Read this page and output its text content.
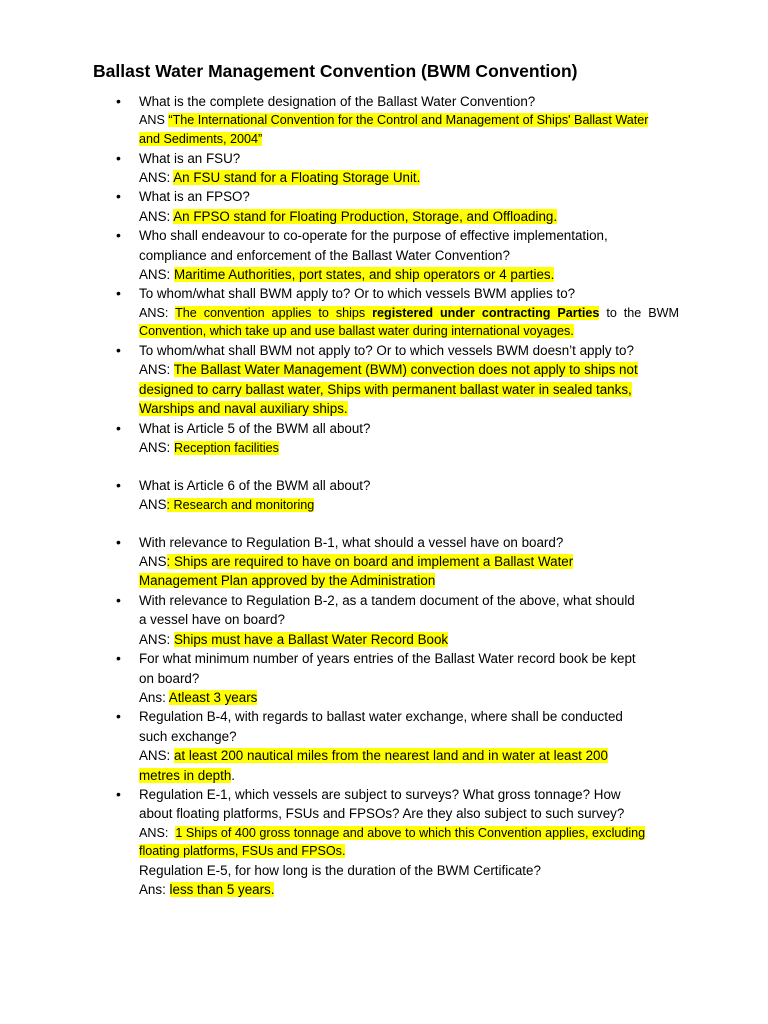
Ballast Water Management Convention (BWM Convention)
• What is the complete designation of the Ballast Water Convention?
ANS “The International Convention for the Control and Management of Ships' Ballast Water
and Sediments, 2004”
• What is an FSU?
ANS: An FSU stand for a Floating Storage Unit.
• What is an FPSO?
ANS: An FPSO stand for Floating Production, Storage, and Offloading.
• Who shall endeavour to co-operate for the purpose of effective implementation,
compliance and enforcement of the Ballast Water Convention?
ANS: Maritime Authorities, port states, and ship operators or 4 parties.
• To whom/what shall BWM apply to? Or to which vessels BWM applies to?
ANS: The convention applies to ships registered under contracting Parties to the BWM
Convention, which take up and use ballast water during international voyages.
• To whom/what shall BWM not apply to? Or to which vessels BWM doesn’t apply to?
ANS: The Ballast Water Management (BWM) convection does not apply to ships not
designed to carry ballast water, Ships with permanent ballast water in sealed tanks,
Warships and naval auxiliary ships.
• What is Article 5 of the BWM all about?
ANS: Reception facilities
• What is Article 6 of the BWM all about?
ANS: Research and monitoring
• With relevance to Regulation B-1, what should a vessel have on board?
ANS: Ships are required to have on board and implement a Ballast Water
Management Plan approved by the Administration
• With relevance to Regulation B-2, as a tandem document of the above, what should
a vessel have on board?
ANS: Ships must have a Ballast Water Record Book
• For what minimum number of years entries of the Ballast Water record book be kept
on board?
Ans: Atleast 3 years
• Regulation B-4, with regards to ballast water exchange, where shall be conducted
such exchange?
ANS: at least 200 nautical miles from the nearest land and in water at least 200
metres in depth.
• Regulation E-1, which vessels are subject to surveys? What gross tonnage? How
about floating platforms, FSUs and FPSOs? Are they also subject to such survey?
ANS:  1 Ships of 400 gross tonnage and above to which this Convention applies, excluding
floating platforms, FSUs and FPSOs.
Regulation E-5, for how long is the duration of the BWM Certificate?
Ans: less than 5 years.
